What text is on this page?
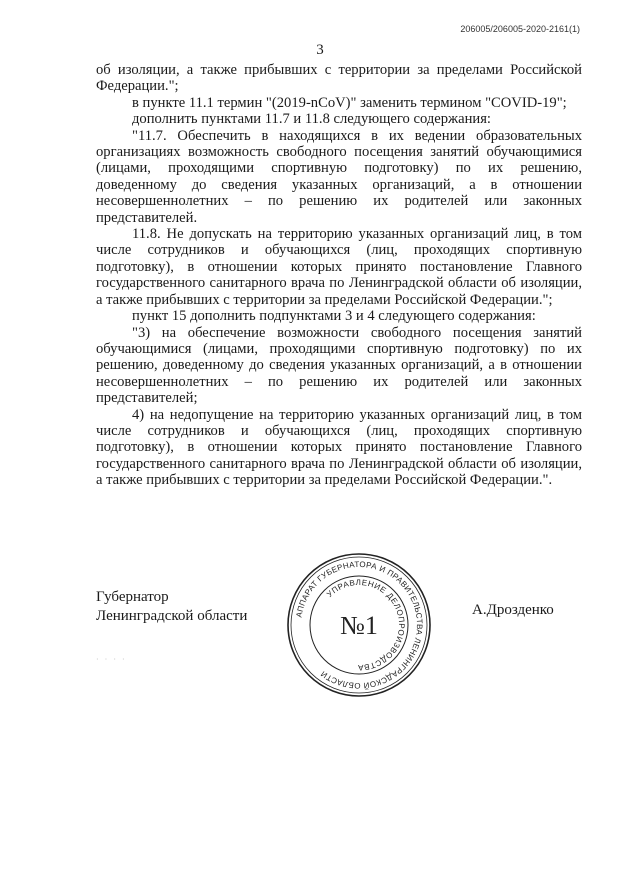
206005/206005-2020-2161(1)
3

об изоляции, а также прибывших с территории за пределами Российской Федерации.";

в пункте 11.1 термин "(2019-nCoV)" заменить термином "COVID-19";

дополнить пунктами 11.7 и 11.8 следующего содержания:

"11.7. Обеспечить в находящихся в их ведении образовательных организациях возможность свободного посещения занятий обучающимися (лицами, проходящими спортивную подготовку) по их решению, доведенному до сведения указанных организаций, а в отношении несовершеннолетних – по решению их родителей или законных представителей.

11.8. Не допускать на территорию указанных организаций лиц, в том числе сотрудников и обучающихся (лиц, проходящих спортивную подготовку), в отношении которых принято постановление Главного государственного санитарного врача по Ленинградской области об изоляции, а также прибывших с территории за пределами Российской Федерации.";

пункт 15 дополнить подпунктами 3 и 4 следующего содержания:

"3) на обеспечение возможности свободного посещения занятий обучающимися (лицами, проходящими спортивную подготовку) по их решению, доведенному до сведения указанных организаций, а в отношении несовершеннолетних – по решению их родителей или законных представителей;

4) на недопущение на территорию указанных организаций лиц, в том числе сотрудников и обучающихся (лиц, проходящих спортивную подготовку), в отношении которых принято постановление Главного государственного санитарного врача по Ленинградской области об изоляции, а также прибывших с территории за пределами Российской Федерации.".

Губернатор
Ленинградской области	АППАРАТ ГУБЕРНАТОРА И ПРАВИТЕЛЬСТВА ЛЕНИНГРАДСКОЙ ОБЛАСТИ
УПРАВЛЕНИЕ ДЕЛОПРОИЗВОДСТВА
№1
А.Дрозденко
· · · ·
